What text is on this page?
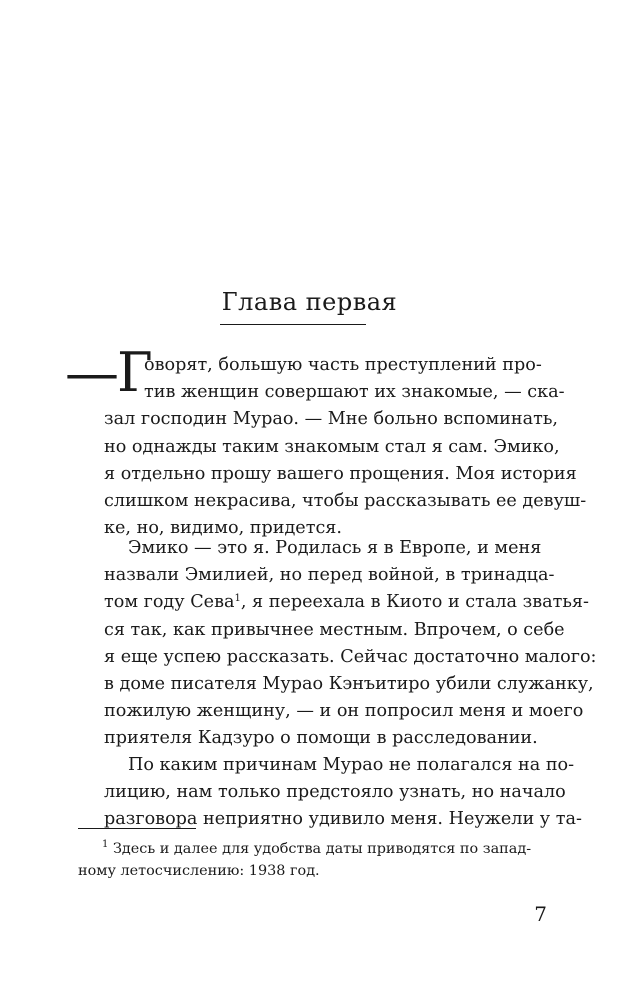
Глава первая
—Г
оворят, большую часть преступлений про-
тив женщин совершают их знакомые, — ска-
зал господин Мурао. — Мне больно вспоминать,
но однажды таким знакомым стал я сам. Эмико,
я отдельно прошу вашего прощения. Моя история
слишком некрасива, чтобы рассказывать ее девуш-
ке, но, видимо, придется.
Эмико — это я. Родилась я в Европе, и меня
назвали Эмилией, но перед войной, в тринадца-
том году Сева$^1$, я переехала в Киото и стала зватья-
ся так, как привычнее местным. Впрочем, о себе
я еще успею рассказать. Сейчас достаточно малого:
в доме писателя Мурао Кэнъитиро убили служанку,
пожилую женщину, — и он попросил меня и моего
приятеля Кадзуро о помощи в расследовании.
По каким причинам Мурао не полагался на по-
лицию, нам только предстояло узнать, но начало
разговора неприятно удивило меня. Неужели у та-
$^1$ Здесь и далее для удобства даты приводятся по запад-
ному летосчислению: 1938 год.
7
